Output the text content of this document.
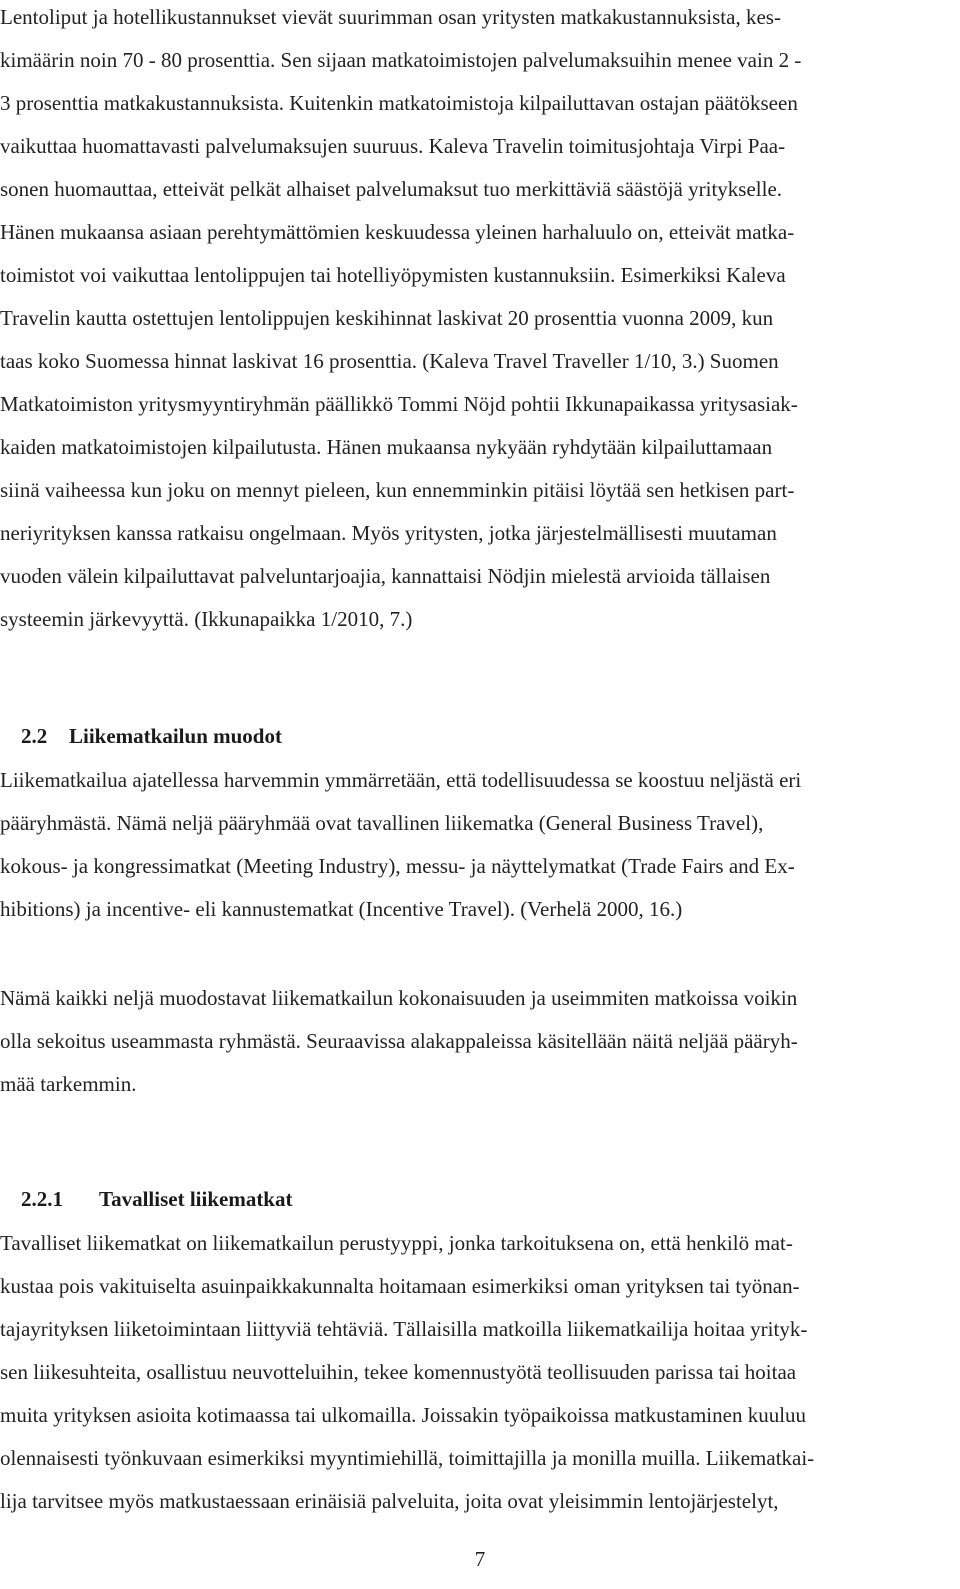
Lentoliput ja hotellikustannukset vievät suurimman osan yritysten matkakustannuksista, kes-
kimäärin noin 70 - 80 prosenttia. Sen sijaan matkatoimistojen palvelumaksuihin menee vain 2 -
3 prosenttia matkakustannuksista. Kuitenkin matkatoimistoja kilpailuttavan ostajan päätökseen
vaikuttaa huomattavasti palvelumaksujen suuruus. Kaleva Travelin toimitusjohtaja Virpi Paa-
sonen huomauttaa, etteivät pelkät alhaiset palvelumaksut tuo merkittäviä säästöjä yritykselle.
Hänen mukaansa asiaan perehtymättömien keskuudessa yleinen harhaluulo on, etteivät matka-
toimistot voi vaikuttaa lentolippujen tai hotelliyöpymisten kustannuksiin. Esimerkiksi Kaleva
Travelin kautta ostettujen lentolippujen keskihinnat laskivat 20 prosenttia vuonna 2009, kun
taas koko Suomessa hinnat laskivat 16 prosenttia. (Kaleva Travel Traveller 1/10, 3.) Suomen
Matkatoimiston yritysmyyntiryhmän päällikkö Tommi Nöjd pohtii Ikkunapaikassa yritysasiak-
kaiden matkatoimistojen kilpailutusta. Hänen mukaansa nykyään ryhdytään kilpailuttamaan
siinä vaiheessa kun joku on mennyt pieleen, kun ennemminkin pitäisi löytää sen hetkisen part-
neriyrityksen kanssa ratkaisu ongelmaan. Myös yritysten, jotka järjestelmällisesti muutaman
vuoden välein kilpailuttavat palveluntarjoajia, kannattaisi Nödjin mielestä arvioida tällaisen
systeemin järkevyyttä. (Ikkunapaikka 1/2010, 7.)

2.2 Liikematkailun muodot

Liikematkailua ajatellessa harvemmin ymmärretään, että todellisuudessa se koostuu neljästä eri
pääryhmästä. Nämä neljä pääryhmää ovat tavallinen liikematka (General Business Travel),
kokous- ja kongressimatkat (Meeting Industry), messu- ja näyttelymatkat (Trade Fairs and Ex-
hibitions) ja incentive- eli kannustematkat (Incentive Travel). (Verhelä 2000, 16.)
Nämä kaikki neljä muodostavat liikematkailun kokonaisuuden ja useimmiten matkoissa voikin
olla sekoitus useammasta ryhmästä. Seuraavissa alakappaleissa käsitellään näitä neljää pääryh-
mää tarkemmin.

2.2.1 Tavalliset liikematkat

Tavalliset liikematkat on liikematkailun perustyyppi, jonka tarkoituksena on, että henkilö mat-
kustaa pois vakituiselta asuinpaikkakunnalta hoitamaan esimerkiksi oman yrityksen tai työnan-
tajayrityksen liiketoimintaan liittyviä tehtäviä. Tällaisilla matkoilla liikematkailija hoitaa yrityk-
sen liikesuhteita, osallistuu neuvotteluihin, tekee komennustyötä teollisuuden parissa tai hoitaa
muita yrityksen asioita kotimaassa tai ulkomailla. Joissakin työpaikoissa matkustaminen kuuluu
olennaisesti työnkuvaan esimerkiksi myyntimiehillä, toimittajilla ja monilla muilla. Liikematkai-
lija tarvitsee myös matkustaessaan erinäisiä palveluita, joita ovat yleisimmin lentojärjestelyt,
7
